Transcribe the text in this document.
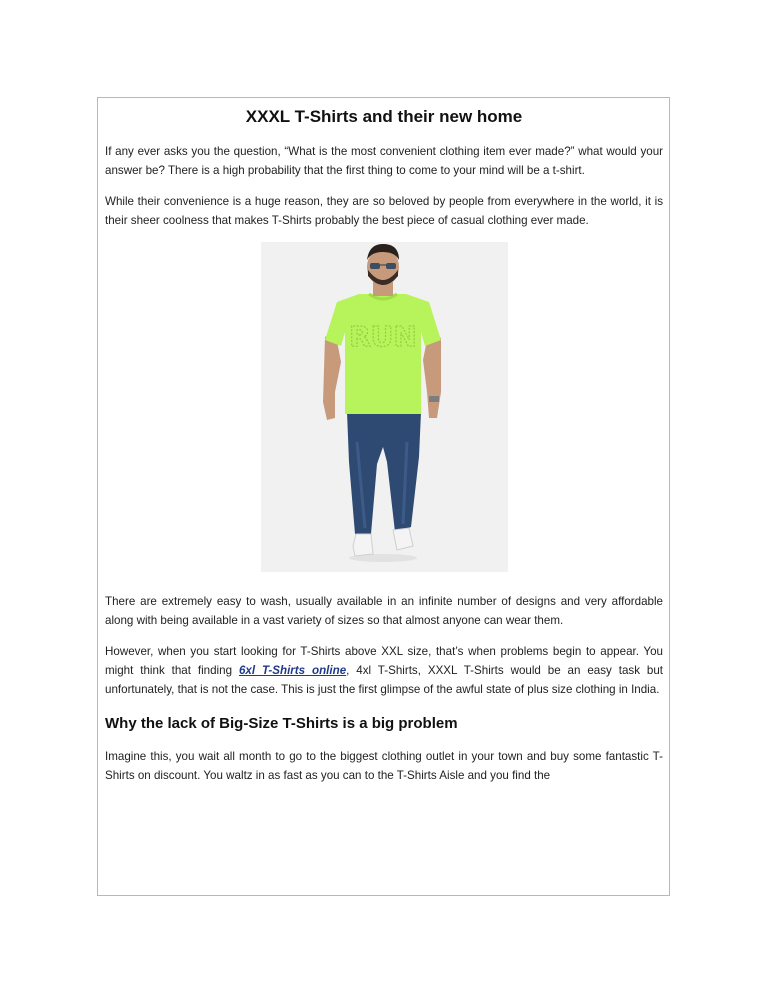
XXXL T-Shirts and their new home

If any ever asks you the question, “What is the most convenient clothing item ever made?” what would your answer be? There is a high probability that the first thing to come to your mind will be a t-shirt.

While their convenience is a huge reason, they are so beloved by people from everywhere in the world, it is their sheer coolness that makes T-Shirts probably the best piece of casual clothing ever made.

RUN

There are extremely easy to wash, usually available in an infinite number of designs and very affordable along with being available in a vast variety of sizes so that almost anyone can wear them.

However, when you start looking for T-Shirts above XXL size, that’s when problems begin to appear. You might think that finding 6xl T-Shirts online, 4xl T-Shirts, XXXL T-Shirts would be an easy task but unfortunately, that is not the case. This is just the first glimpse of the awful state of plus size clothing in India.

Why the lack of Big-Size T-Shirts is a big problem

Imagine this, you wait all month to go to the biggest clothing outlet in your town and buy some fantastic T-Shirts on discount. You waltz in as fast as you can to the T-Shirts Aisle and you find the
